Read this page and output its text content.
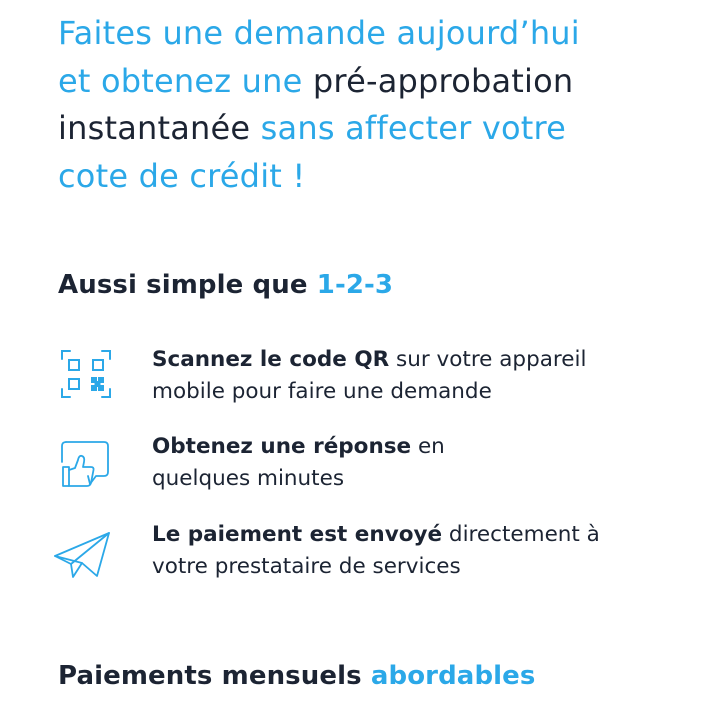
Faites une demande aujourd’hui
et obtenez une pré-approbation
instantanée sans affecter votre
cote de crédit !
Aussi simple que 1-2-3
Scannez le code QR sur votre appareil
mobile pour faire une demande
Obtenez une réponse en
quelques minutes
Le paiement est envoyé directement à
votre prestataire de services
Paiements mensuels abordables
